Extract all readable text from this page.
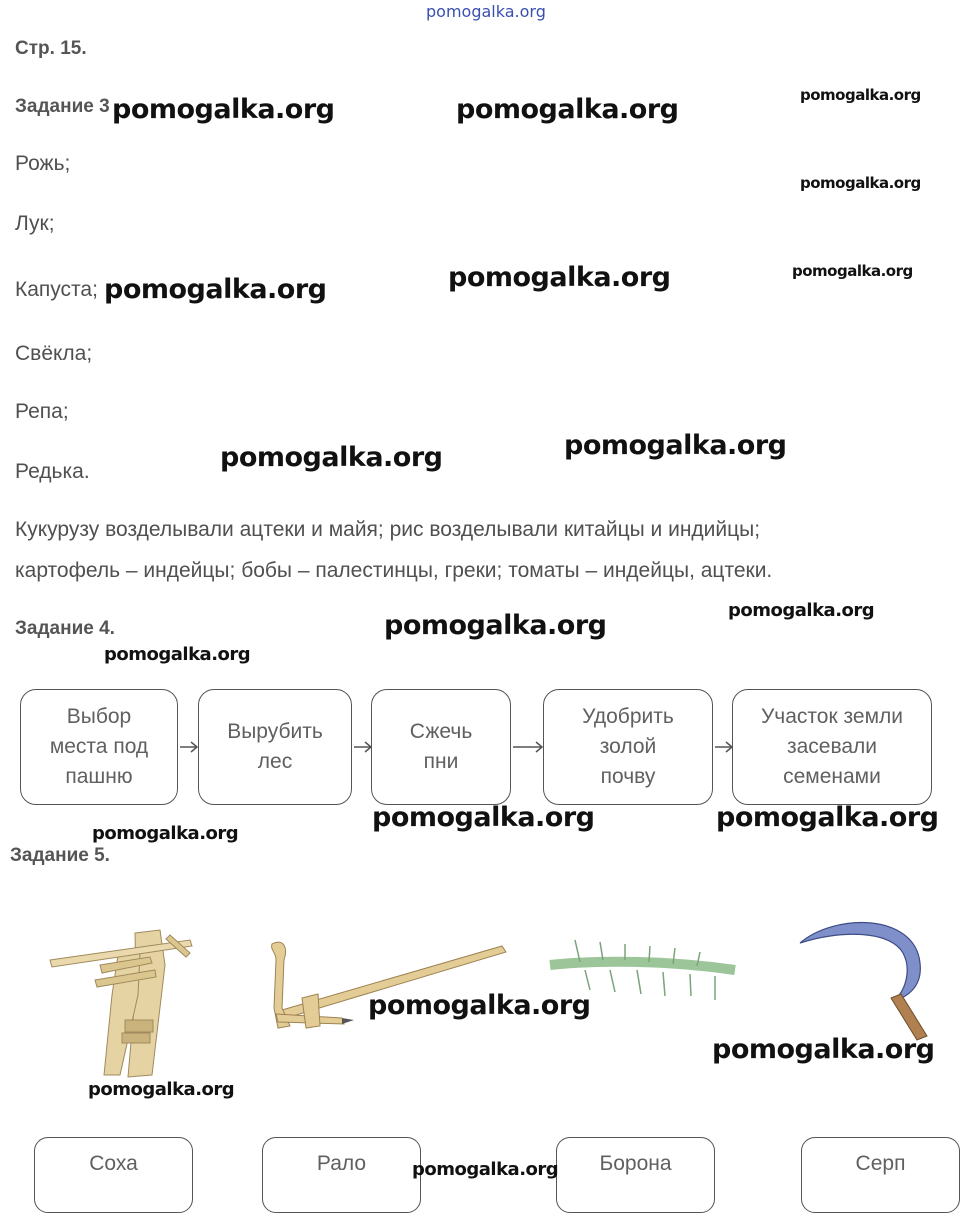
pomogalka.org
Стр. 15.
Задание 3
Рожь;
Лук;
Капуста;
Свёкла;
Репа;
Редька.
Кукурузу возделывали ацтеки и майя; рис возделывали китайцы и индийцы;
картофель – индейцы; бобы – палестинцы, греки; томаты – индейцы, ацтеки.
Задание 4.
Выбор
места под
пашню
Вырубить
лес
Сжечь
пни
Удобрить
золой
почву
Участок земли
засевали
семенами
Задание 5.
Соха	Рало	Борона	Серп
pomogalka.org	pomogalka.org	pomogalka.org
pomogalka.org
pomogalka.org	pomogalka.org
pomogalka.org
pomogalka.org
pomogalka.org
pomogalka.org
pomogalka.org
pomogalka.org
pomogalka.org	pomogalka.org
pomogalka.org
pomogalka.org
pomogalka.org
pomogalka.org
pomogalka.org
